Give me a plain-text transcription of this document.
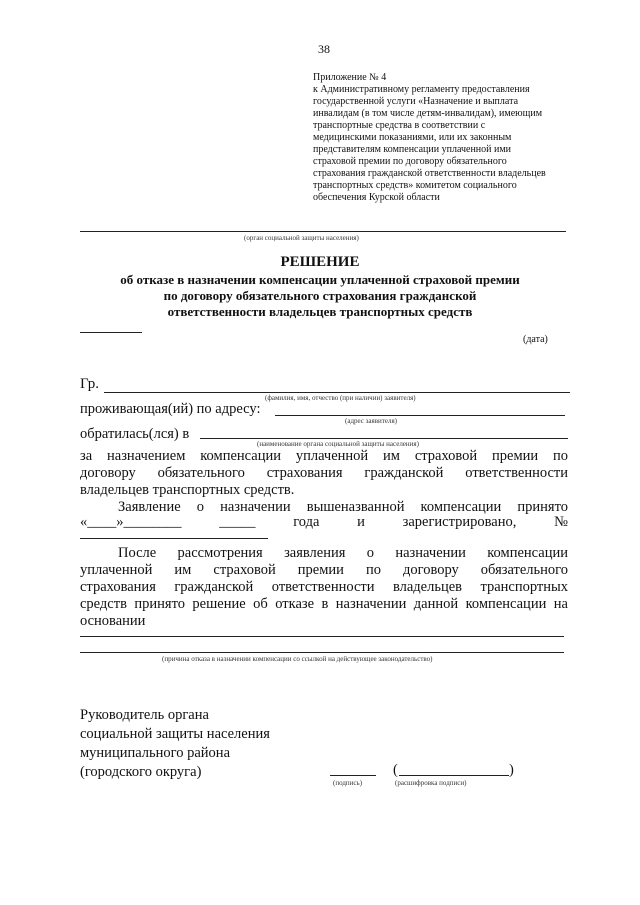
38
Приложение № 4
к Административному регламенту предоставления
государственной услуги «Назначение и выплата
инвалидам (в том числе детям-инвалидам), имеющим
транспортные средства в соответствии с
медицинскими показаниями, или их законным
представителям компенсации уплаченной ими
страховой премии по договору обязательного
страхования гражданской ответственности владельцев
транспортных средств» комитетом социального
обеспечения Курской области
(орган социальной защиты населения)
РЕШЕНИЕ
об отказе в назначении компенсации уплаченной страховой премии
по договору обязательного страхования гражданской
ответственности владельцев транспортных средств
(дата)
Гр.
(фамилия, имя, отчество (при наличии) заявителя)
проживающая(ий) по адресу:
(адрес заявителя)
обратилась(лся) в
(наименование органа социальной защиты населения)
за назначением компенсации уплаченной им страховой премии по
договору обязательного страхования гражданской ответственности
владельцев транспортных средств.
Заявление о назначении вышеназванной компенсации принято
«____»________	_____	года	и	зарегистрировано,	№
После рассмотрения заявления о назначении компенсации
уплаченной им страховой премии по договору обязательного
страхования гражданской ответственности владельцев транспортных
средств принято решение об отказе в назначении данной компенсации на
основании
(причина отказа в назначении компенсации со ссылкой на действующее законодательство)
Руководитель органа
социальной защиты населения
муниципального района
(городского округа)
(подпись)
(	)
(расшифровка подписи)
